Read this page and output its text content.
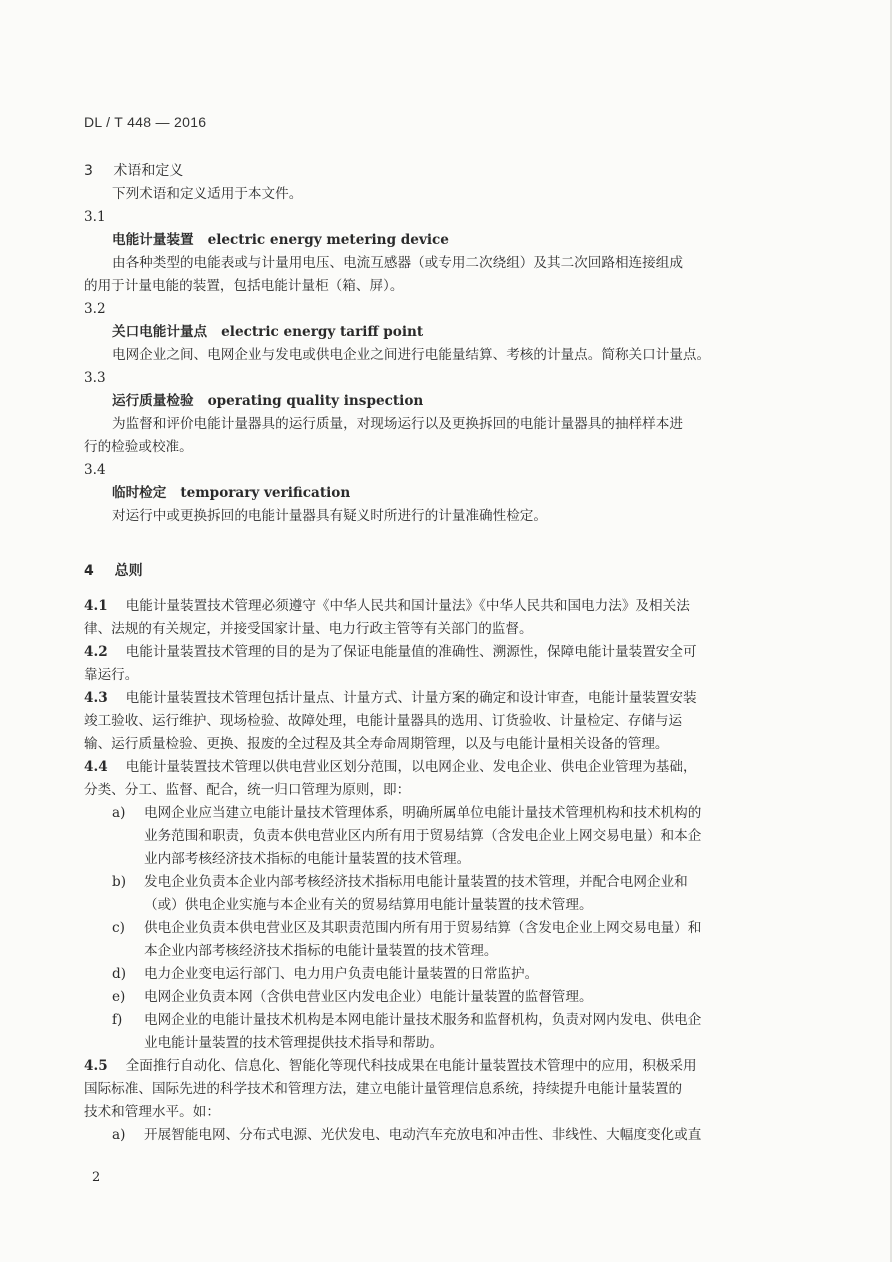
DL / T 448 — 2016
3 术语和定义
下列术语和定义适用于本文件。
3.1
电能计量装置 electric energy metering device
由各种类型的电能表或与计量用电压、电流互感器（或专用二次绕组）及其二次回路相连接组成
的用于计量电能的装置，包括电能计量柜（箱、屏）。
3.2
关口电能计量点 electric energy tariff point
电网企业之间、电网企业与发电或供电企业之间进行电能量结算、考核的计量点。简称关口计量点。
3.3
运行质量检验 operating quality inspection
为监督和评价电能计量器具的运行质量，对现场运行以及更换拆回的电能计量器具的抽样样本进
行的检验或校准。
3.4
临时检定 temporary verification
对运行中或更换拆回的电能计量器具有疑义时所进行的计量准确性检定。
4 总则
4.1 电能计量装置技术管理必须遵守《中华人民共和国计量法》《中华人民共和国电力法》及相关法
律、法规的有关规定，并接受国家计量、电力行政主管等有关部门的监督。
4.2 电能计量装置技术管理的目的是为了保证电能量值的准确性、溯源性，保障电能计量装置安全可
靠运行。
4.3 电能计量装置技术管理包括计量点、计量方式、计量方案的确定和设计审查，电能计量装置安装
竣工验收、运行维护、现场检验、故障处理，电能计量器具的选用、订货验收、计量检定、存储与运
输、运行质量检验、更换、报废的全过程及其全寿命周期管理，以及与电能计量相关设备的管理。
4.4 电能计量装置技术管理以供电营业区划分范围，以电网企业、发电企业、供电企业管理为基础，
分类、分工、监督、配合，统一归口管理为原则，即：
a) 电网企业应当建立电能计量技术管理体系，明确所属单位电能计量技术管理机构和技术机构的
业务范围和职责，负责本供电营业区内所有用于贸易结算（含发电企业上网交易电量）和本企
业内部考核经济技术指标的电能计量装置的技术管理。
b) 发电企业负责本企业内部考核经济技术指标用电能计量装置的技术管理，并配合电网企业和
（或）供电企业实施与本企业有关的贸易结算用电能计量装置的技术管理。
c) 供电企业负责本供电营业区及其职责范围内所有用于贸易结算（含发电企业上网交易电量）和
本企业内部考核经济技术指标的电能计量装置的技术管理。
d) 电力企业变电运行部门、电力用户负责电能计量装置的日常监护。
e) 电网企业负责本网（含供电营业区内发电企业）电能计量装置的监督管理。
f) 电网企业的电能计量技术机构是本网电能计量技术服务和监督机构，负责对网内发电、供电企
业电能计量装置的技术管理提供技术指导和帮助。
4.5 全面推行自动化、信息化、智能化等现代科技成果在电能计量装置技术管理中的应用，积极采用
国际标准、国际先进的科学技术和管理方法，建立电能计量管理信息系统，持续提升电能计量装置的
技术和管理水平。如：
a) 开展智能电网、分布式电源、光伏发电、电动汽车充放电和冲击性、非线性、大幅度变化或直
2
